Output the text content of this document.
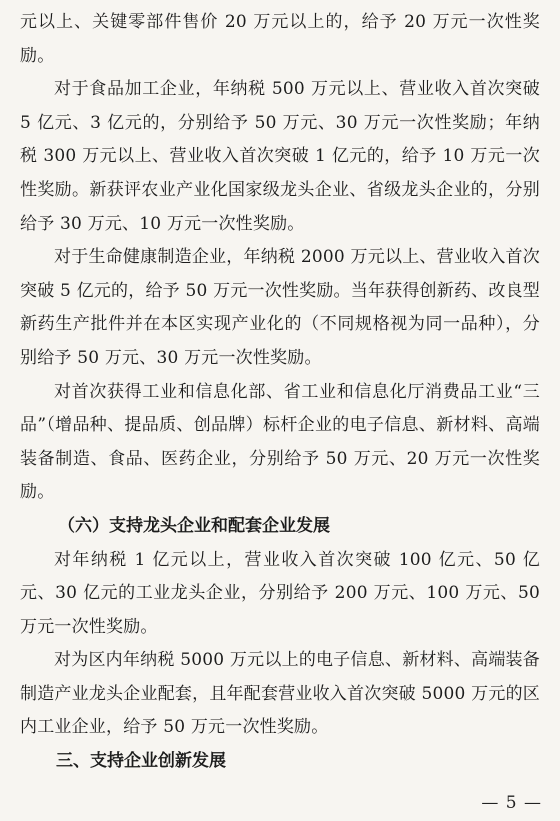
元以上、关键零部件售价 20 万元以上的，给予 20 万元一次性奖励。

对于食品加工企业，年纳税 500 万元以上、营业收入首次突破 5 亿元、3 亿元的，分别给予 50 万元、30 万元一次性奖励；年纳税 300 万元以上、营业收入首次突破 1 亿元的，给予 10 万元一次性奖励。新获评农业产业化国家级龙头企业、省级龙头企业的，分别给予 30 万元、10 万元一次性奖励。

对于生命健康制造企业，年纳税 2000 万元以上、营业收入首次突破 5 亿元的，给予 50 万元一次性奖励。当年获得创新药、改良型新药生产批件并在本区实现产业化的（不同规格视为同一品种），分别给予 50 万元、30 万元一次性奖励。

对首次获得工业和信息化部、省工业和信息化厅消费品工业“三品”（增品种、提品质、创品牌）标杆企业的电子信息、新材料、高端装备制造、食品、医药企业，分别给予 50 万元、20 万元一次性奖励。

（六）支持龙头企业和配套企业发展

对年纳税 1 亿元以上，营业收入首次突破 100 亿元、50 亿元、30 亿元的工业龙头企业，分别给予 200 万元、100 万元、50 万元一次性奖励。

对为区内年纳税 5000 万元以上的电子信息、新材料、高端装备制造产业龙头企业配套，且年配套营业收入首次突破 5000 万元的区内工业企业，给予 50 万元一次性奖励。

三、支持企业创新发展

— 5 —
